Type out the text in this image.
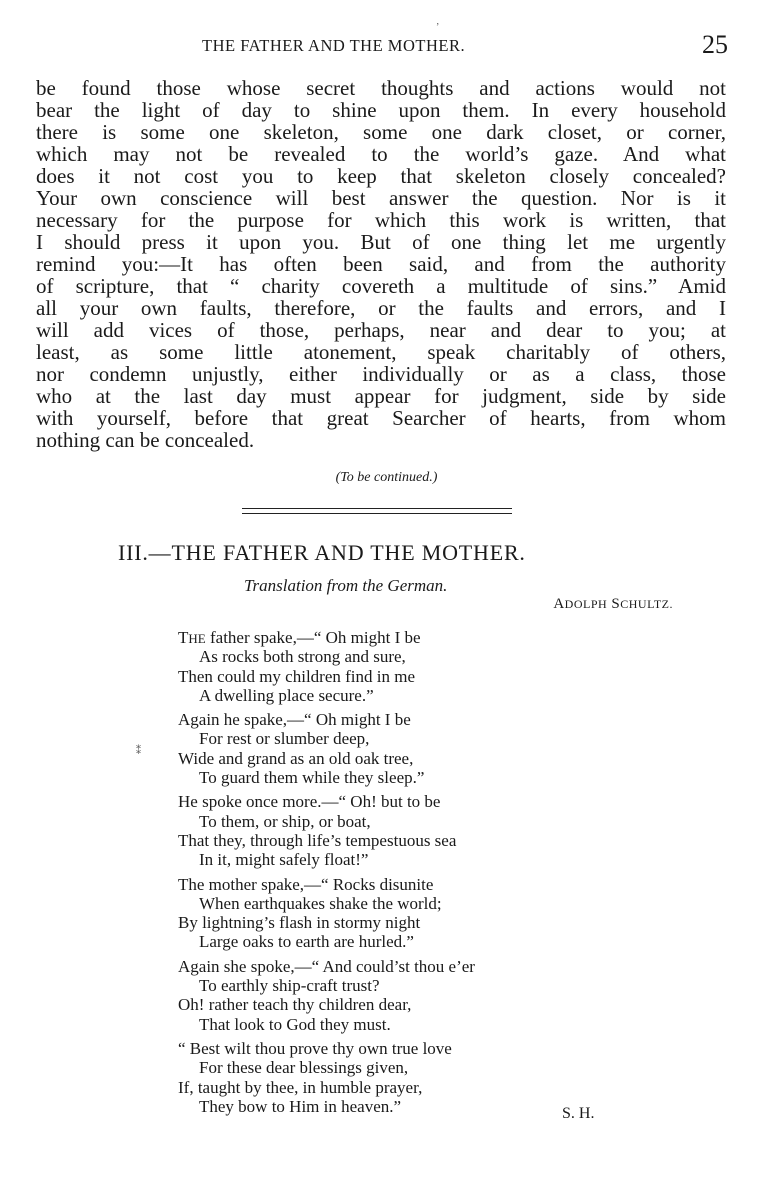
THE FATHER AND THE MOTHER.	25
be found those whose secret thoughts and actions would not
bear the light of day to shine upon them. In every household
there is some one skeleton, some one dark closet, or corner,
which may not be revealed to the world’s gaze. And what
does it not cost you to keep that skeleton closely concealed?
Your own conscience will best answer the question. Nor is it
necessary for the purpose for which this work is written, that
I should press it upon you. But of one thing let me urgently
remind you:—It has often been said, and from the authority
of scripture, that “ charity covereth a multitude of sins.” Amid
all your own faults, therefore, or the faults and errors, and I
will add vices of those, perhaps, near and dear to you; at
least, as some little atonement, speak charitably of others,
nor condemn unjustly, either individually or as a class, those
who at the last day must appear for judgment, side by side
with yourself, before that great Searcher of hearts, from whom
nothing can be concealed.
(To be continued.)
III.—THE FATHER AND THE MOTHER.
Translation from the German.
ADOLPH SCHULTZ.
THE father spake,—“ Oh might I be
As rocks both strong and sure,
Then could my children find in me
A dwelling place secure.”
Again he spake,—“ Oh might I be
For rest or slumber deep,
Wide and grand as an old oak tree,
To guard them while they sleep.”
He spoke once more.—“ Oh! but to be
To them, or ship, or boat,
That they, through life’s tempestuous sea
In it, might safely float!”
The mother spake,—“ Rocks disunite
When earthquakes shake the world;
By lightning’s flash in stormy night
Large oaks to earth are hurled.”
Again she spoke,—“ And could’st thou e’er
To earthly ship-craft trust?
Oh! rather teach thy children dear,
That look to God they must.
“ Best wilt thou prove thy own true love
For these dear blessings given,
If, taught by thee, in humble prayer,
They bow to Him in heaven.”	S. H.
ʼ
⁑
